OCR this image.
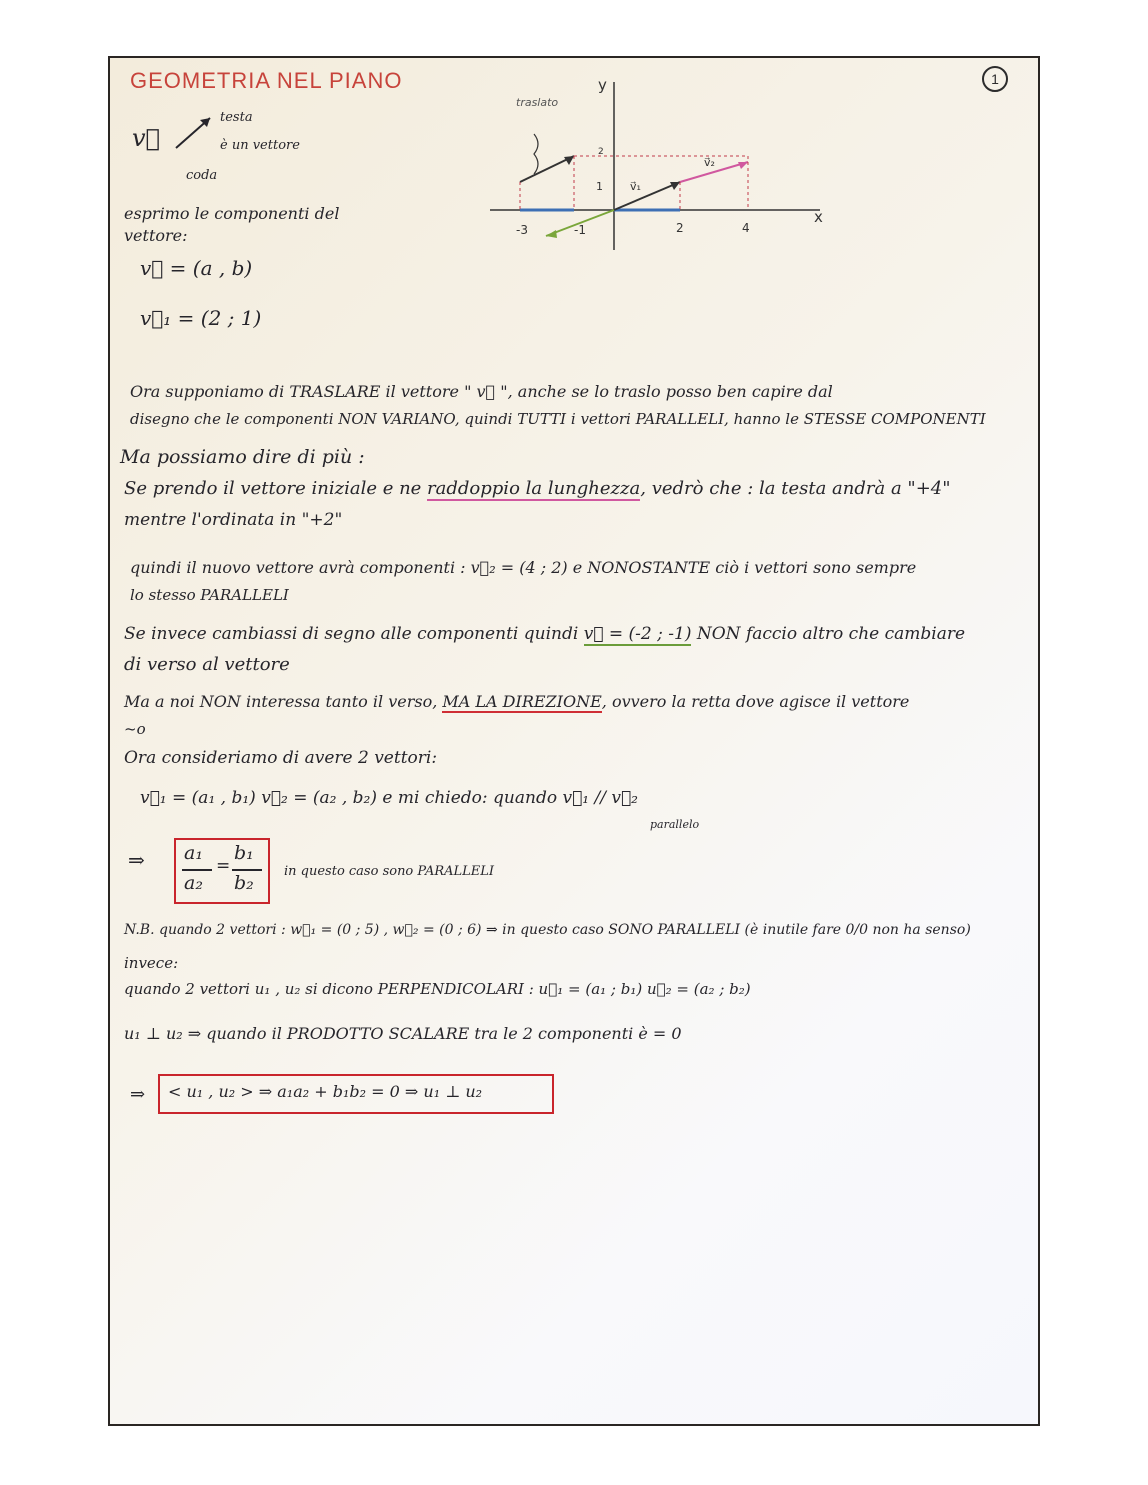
GEOMETRIA NEL PIANO	1
v⃗
testa
è un vettore
coda
esprimo le componenti del
vettore:
v⃗ = (a , b)
v⃗₁ = (2 ; 1)
y
x
traslato
-3	-1	2	4
1
2
v⃗₁
v⃗₂
Ora supponiamo di TRASLARE il vettore " v⃗ ", anche se lo traslo posso ben capire dal
disegno che le componenti NON VARIANO, quindi TUTTI i vettori PARALLELI, hanno le STESSE COMPONENTI
Ma possiamo dire di più :
Se prendo il vettore iniziale e ne raddoppio la lunghezza, vedrò che : la testa andrà a "+4"
mentre l'ordinata in "+2"
quindi il nuovo vettore avrà componenti : v⃗₂ = (4 ; 2) e NONOSTANTE ciò i vettori sono sempre
lo stesso PARALLELI
Se invece cambiassi di segno alle componenti quindi v⃗ = (-2 ; -1) NON faccio altro che cambiare
di verso al vettore
Ma a noi NON interessa tanto il verso, MA LA DIREZIONE, ovvero la retta dove agisce il vettore
~o
Ora consideriamo di avere 2 vettori:
v⃗₁ = (a₁ , b₁) v⃗₂ = (a₂ , b₂) e mi chiedo: quando v⃗₁ // v⃗₂
parallelo
⇒ a₁
a₂
=
b₁
b₂
in questo caso sono PARALLELI
N.B. quando 2 vettori : w⃗₁ = (0 ; 5) , w⃗₂ = (0 ; 6) ⇒ in questo caso SONO PARALLELI (è inutile fare 0/0 non ha senso)
invece:
quando 2 vettori u₁ , u₂ si dicono PERPENDICOLARI : u⃗₁ = (a₁ ; b₁) u⃗₂ = (a₂ ; b₂)
u₁ ⊥ u₂ ⇒ quando il PRODOTTO SCALARE tra le 2 componenti è = 0
⇒ < u₁ , u₂ > ⇒ a₁a₂ + b₁b₂ = 0 ⇒ u₁ ⊥ u₂
